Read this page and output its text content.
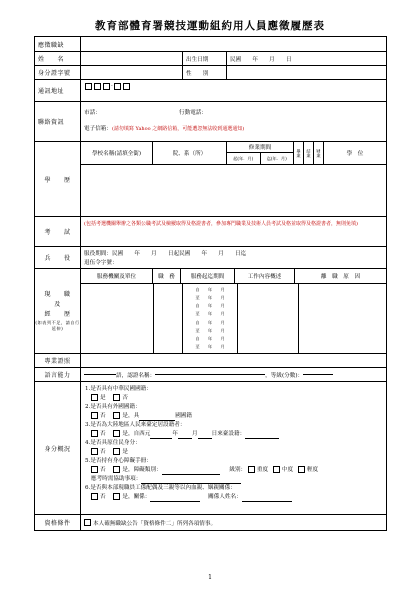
教育部體育署競技運動組約用人員應徵履歷表
應徵職缺
姓　　名	出生日期	民國　　年　　月　　日
身分證字號	性　　別
通訊地址
-
聯絡資訊
市話：	行動電話：
電子信箱： (請勿填寫 Yahoo 之網路信箱，可能遭忽無法收到通選通知)
學　　歷
學校名稱(請填全銜)	院、系（所）
修業期間
起(年．月)	迄(年．月)
畢業	結業	肄業	學　位
考　　試
(包括考選機關舉辦之各類公職考試及檢覈取得及格證書者，參加專門職業及技術人員考試及格並取得及格證書者，無則免填)
兵　　役
服役期間：民國　　年　　月　　日起民國　　年　　月　　日迄
退伍令字號：
現　　職
及
經　　歷
(如表列不足，請自行延伸)
服務機關及單位	職　務	服務起迄期間	工作內容概述	離　職　原　因
自　　年　　月
至　　年　　月
自　　年　　月
至　　年　　月
自　　年　　月
至　　年　　月
自　　年　　月
至　　年　　月
專業證照
語言能力	語，認證名稱：	，等級(分數)：
身分概況
1.是否具有中華民國國籍：
是	否
2.是否具有外國國籍：
否	是，具	國國籍
3.是否為大陸地區人民來臺定居設籍者：
否	是，自西元	年	月	日來臺設籍：
4.是否具原住民身分：
否	是
5.是否持有身心障礙手冊：
否	是，障礙類別：	級別： 重度 中度 輕度
應考時需協助事項：
6.是否與本部現職員工係配偶及三親等以內血親、姻親關係：
否	是，關係：	關係人姓名：
資格條件	本人確無職缺公告「資格條件二」所列各項情事。
1
